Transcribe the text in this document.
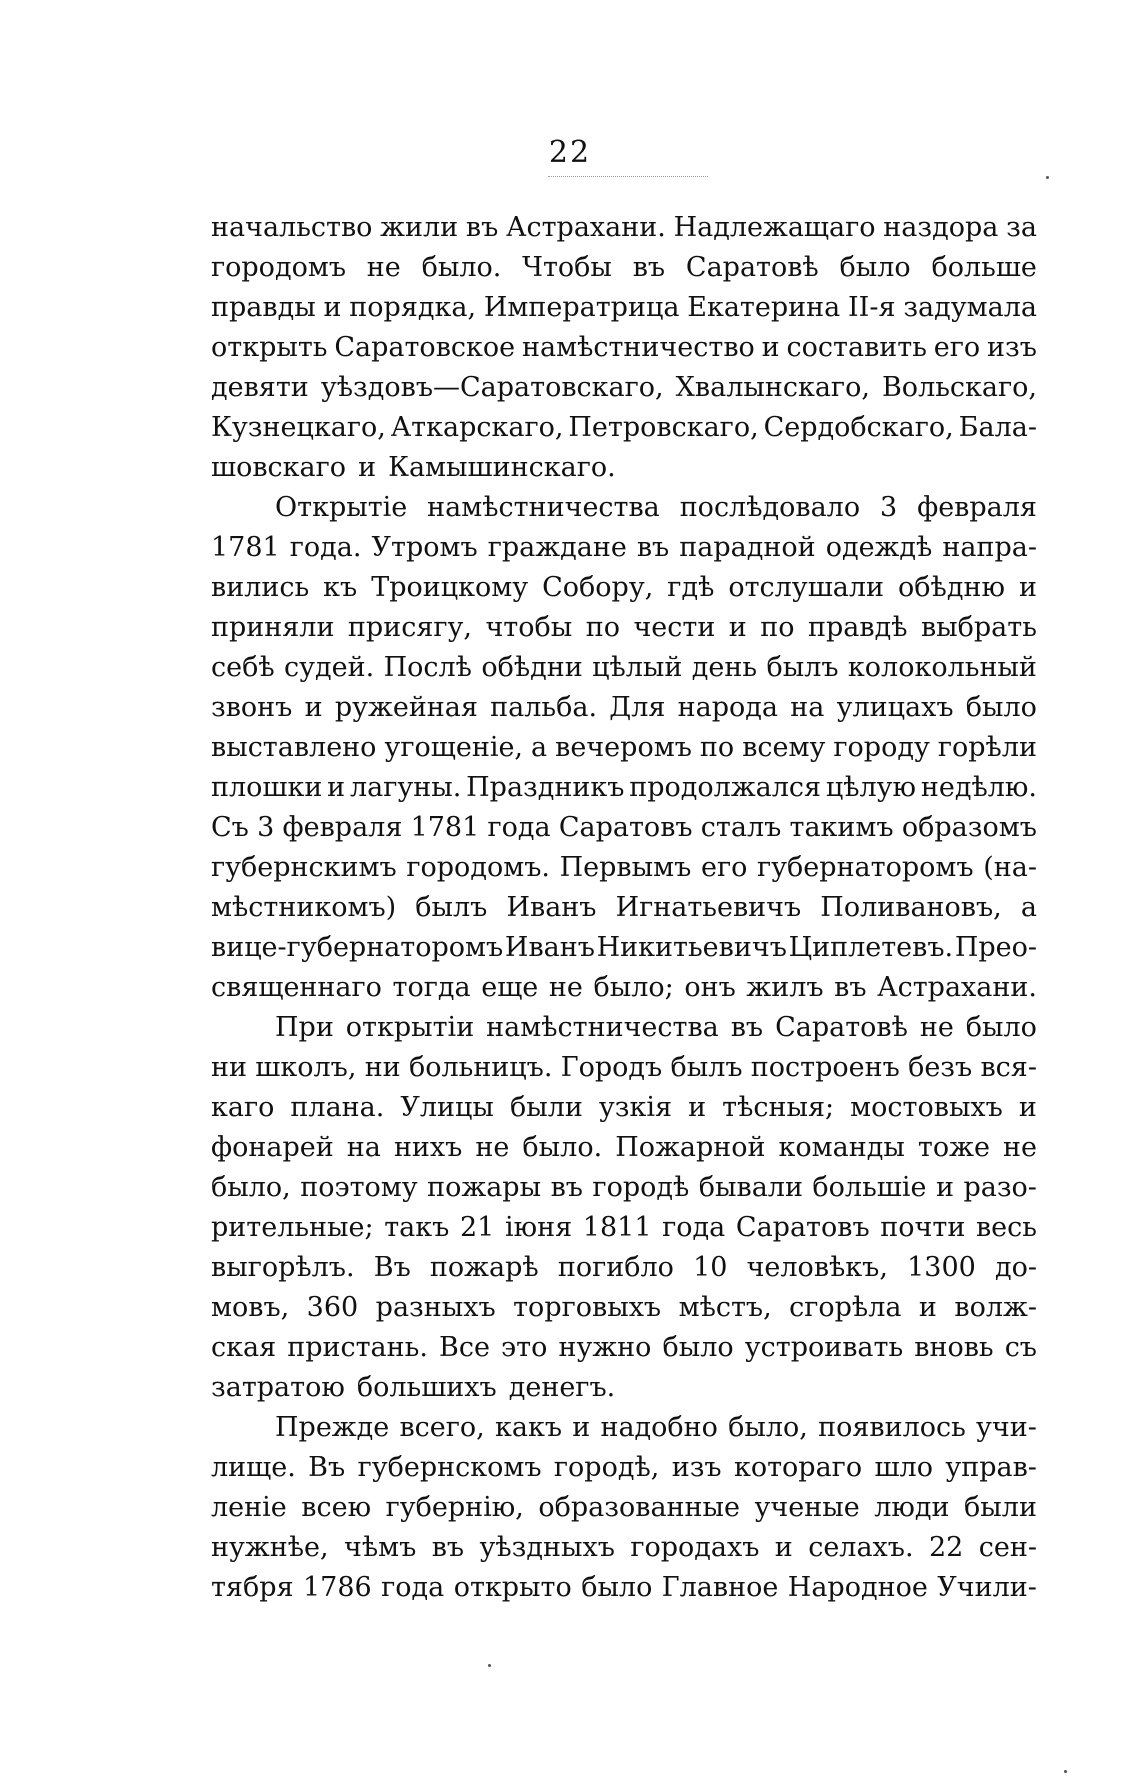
22
начальство жили въ Астрахани. Надлежащаго наздора за
городомъ не было. Чтобы въ Саратовѣ было больше
правды и порядка, Императрица Екатерина II-я задумала
открыть Саратовское намѣстничество и составить его изъ
девяти уѣздовъ—Саратовскаго, Хвалынскаго, Вольскаго,
Кузнецкаго, Аткарскаго, Петровскаго, Сердобскаго, Бала-
шовскаго и Камышинскаго.
Открытіе намѣстничества послѣдовало 3 февраля
1781 года. Утромъ граждане въ парадной одеждѣ напра-
вились къ Троицкому Собору, гдѣ отслушали обѣдню и
приняли присягу, чтобы по чести и по правдѣ выбрать
себѣ судей. Послѣ обѣдни цѣлый день былъ колокольный
звонъ и ружейная пальба. Для народа на улицахъ было
выставлено угощеніе, а вечеромъ по всему городу горѣли
плошки и лагуны. Праздникъ продолжался цѣлую недѣлю.
Съ 3 февраля 1781 года Саратовъ сталъ такимъ образомъ
губернскимъ городомъ. Первымъ его губернаторомъ (на-
мѣстникомъ) былъ Иванъ Игнатьевичъ Поливановъ, а
вице-губернаторомъ Иванъ Никитьевичъ Циплетевъ. Прео-
священнаго тогда еще не было; онъ жилъ въ Астрахани.
При открытіи намѣстничества въ Саратовѣ не было
ни школъ, ни больницъ. Городъ былъ построенъ безъ вся-
каго плана. Улицы были узкія и тѣсныя; мостовыхъ и
фонарей на нихъ не было. Пожарной команды тоже не
было, поэтому пожары въ городѣ бывали большіе и разо-
рительные; такъ 21 іюня 1811 года Саратовъ почти весь
выгорѣлъ. Въ пожарѣ погибло 10 человѣкъ, 1300 до-
мовъ, 360 разныхъ торговыхъ мѣстъ, сгорѣла и волж-
ская пристань. Все это нужно было устроивать вновь съ
затратою большихъ денегъ.
Прежде всего, какъ и надобно было, появилось учи-
лище. Въ губернскомъ городѣ, изъ котораго шло управ-
леніе всею губернію, образованные ученые люди были
нужнѣе, чѣмъ въ уѣздныхъ городахъ и селахъ. 22 сен-
тября 1786 года открыто было Главное Народное Учили-
